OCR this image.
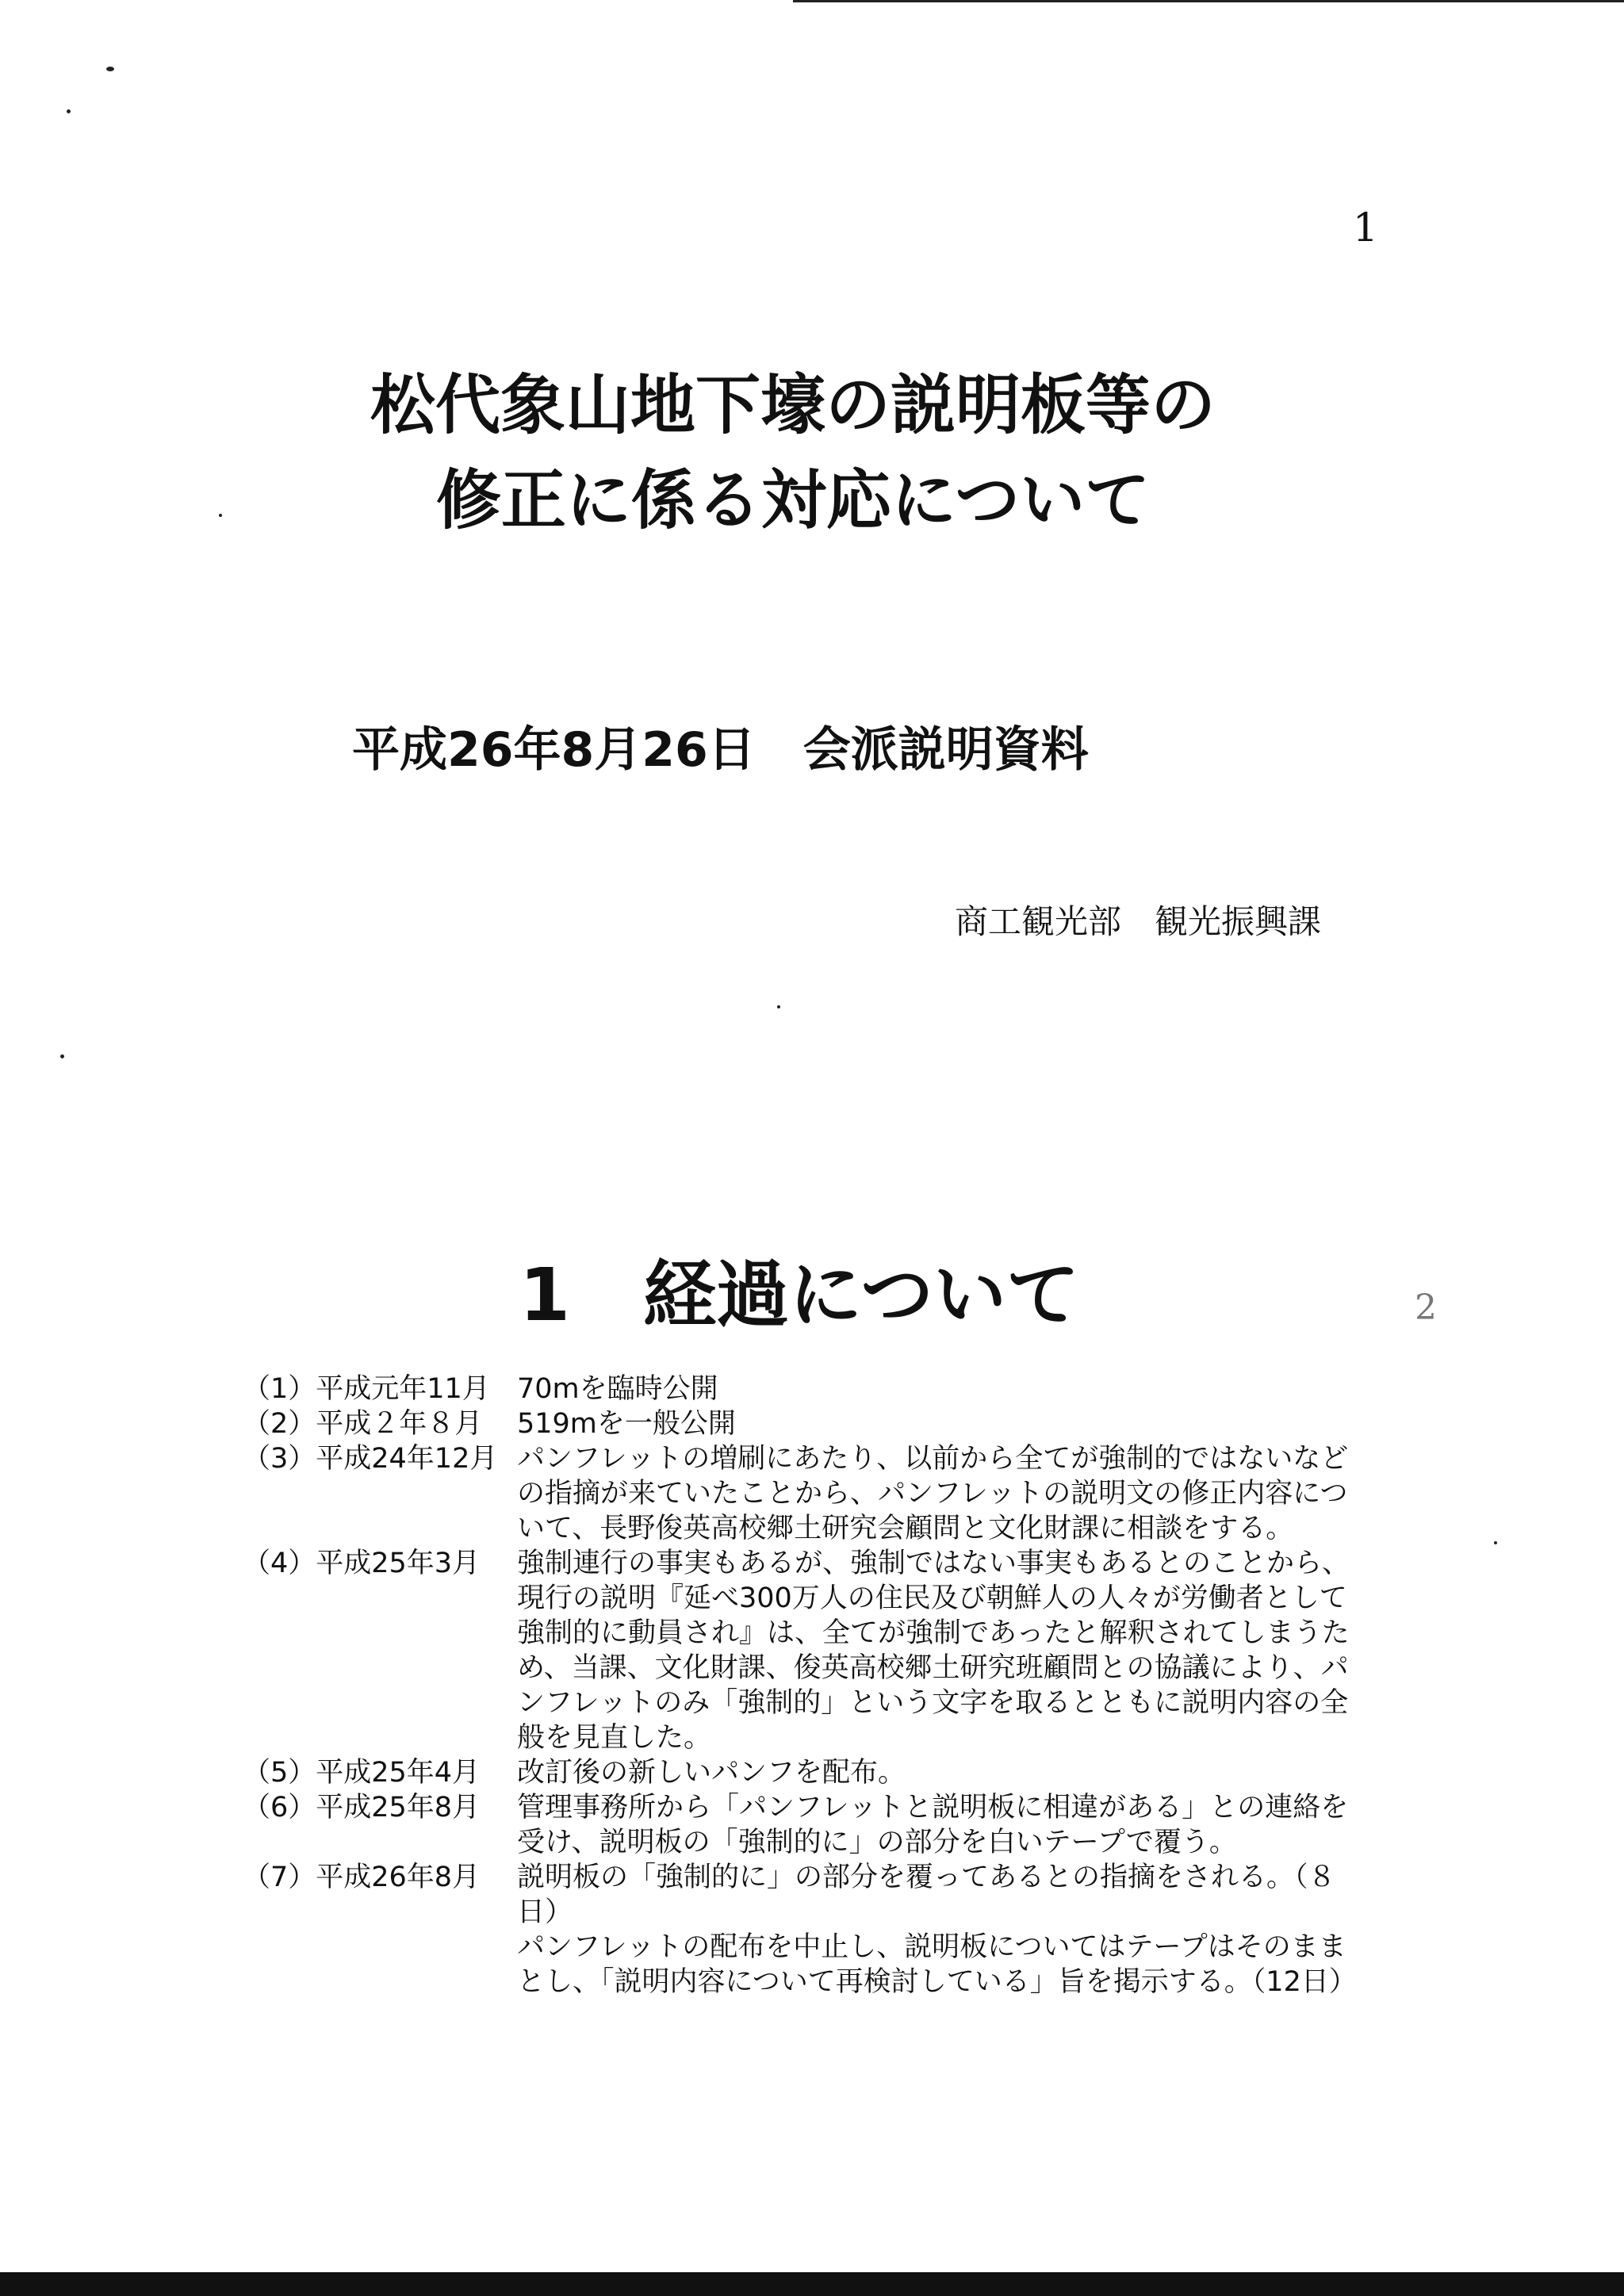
1
松代象山地下壕の説明板等の
修正に係る対応について
平成26年8月26日　会派説明資料
商工観光部　観光振興課
1　経過について	2
（1）平成元年11月 70mを臨時公開
（2）平成２年８月	519mを一般公開
（3）平成24年12月 パンフレットの増刷にあたり、以前から全てが強制的ではないなどの指摘が来ていたことから、パンフレットの説明文の修正内容について、長野俊英高校郷土研究会顧問と文化財課に相談をする。
（4）平成25年3月	強制連行の事実もあるが、強制ではない事実もあるとのことから、現行の説明『延べ300万人の住民及び朝鮮人の人々が労働者として強制的に動員され』は、全てが強制であったと解釈されてしまうため、当課、文化財課、俊英高校郷土研究班顧問との協議により、パンフレットのみ「強制的」という文字を取るとともに説明内容の全般を見直した。
（5）平成25年4月	改訂後の新しいパンフを配布。
（6）平成25年8月	管理事務所から「パンフレットと説明板に相違がある」との連絡を受け、説明板の「強制的に」の部分を白いテープで覆う。
（7）平成26年8月	説明板の「強制的に」の部分を覆ってあるとの指摘をされる。（８日）
パンフレットの配布を中止し、説明板についてはテープはそのままとし、「説明内容について再検討している」旨を掲示する。（12日）
